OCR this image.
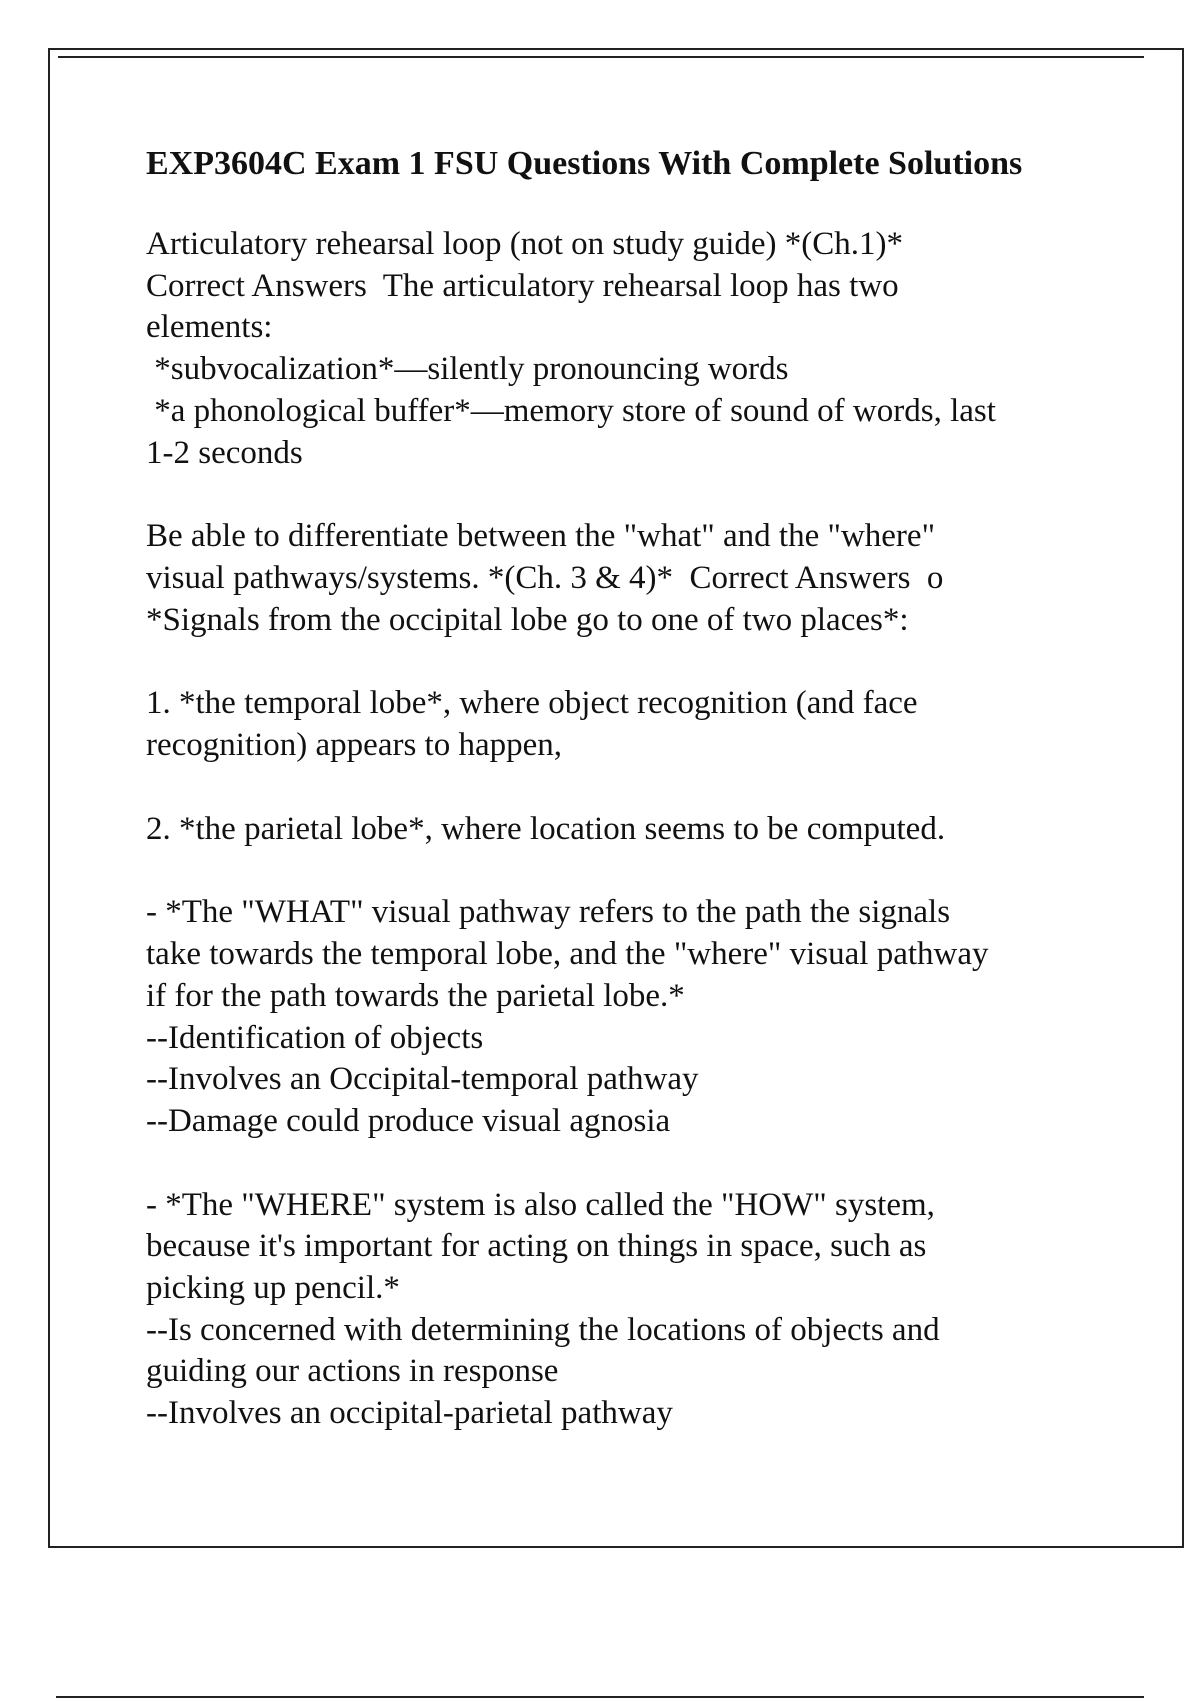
EXP3604C Exam 1 FSU Questions With Complete Solutions

Articulatory rehearsal loop (not on study guide) *(Ch.1)*

Correct Answers  The articulatory rehearsal loop has two

elements:

*subvocalization*—silently pronouncing words

*a phonological buffer*—memory store of sound of words, last

1-2 seconds

Be able to differentiate between the "what" and the "where"

visual pathways/systems. *(Ch. 3 & 4)*  Correct Answers  o

*Signals from the occipital lobe go to one of two places*:

1. *the temporal lobe*, where object recognition (and face

recognition) appears to happen,

2. *the parietal lobe*, where location seems to be computed.

- *The "WHAT" visual pathway refers to the path the signals

take towards the temporal lobe, and the "where" visual pathway

if for the path towards the parietal lobe.*

--Identification of objects

--Involves an Occipital-temporal pathway

--Damage could produce visual agnosia

- *The "WHERE" system is also called the "HOW" system,

because it's important for acting on things in space, such as

picking up pencil.*

--Is concerned with determining the locations of objects and

guiding our actions in response

--Involves an occipital-parietal pathway
